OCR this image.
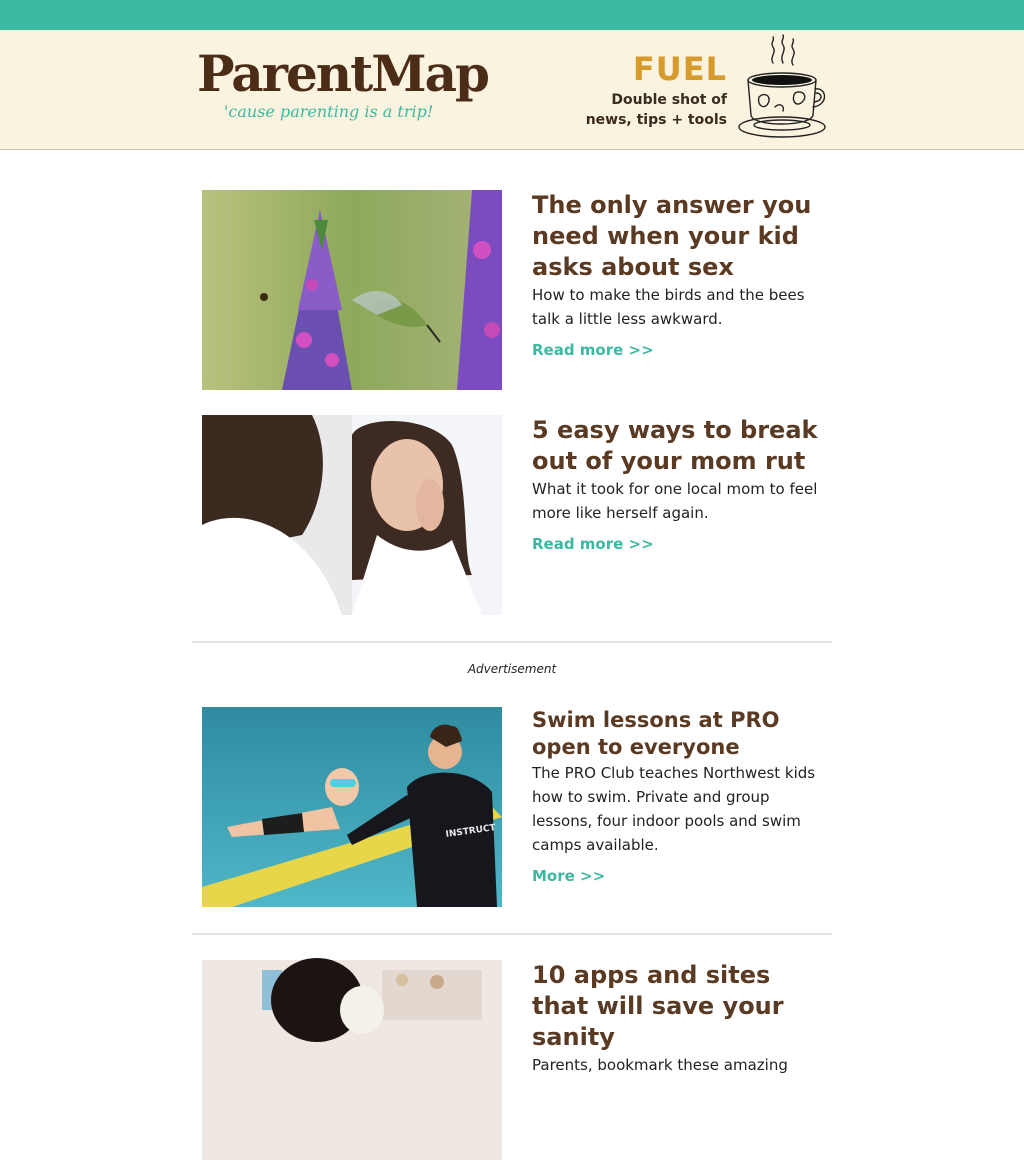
ParentMap
'cause parenting is a trip!
FUEL
Double shot of
news, tips + tools
The only answer you need when your kid asks about sex

How to make the birds and the bees talk a little less awkward.

Read more >>
5 easy ways to break out of your mom rut

What it took for one local mom to feel more like herself again.

Read more >>
Advertisement
INSTRUCT
Swim lessons at PRO open to everyone

The PRO Club teaches Northwest kids how to swim. Private and group lessons, four indoor pools and swim camps available.

More >>
10 apps and sites that will save your sanity

Parents, bookmark these amazing
